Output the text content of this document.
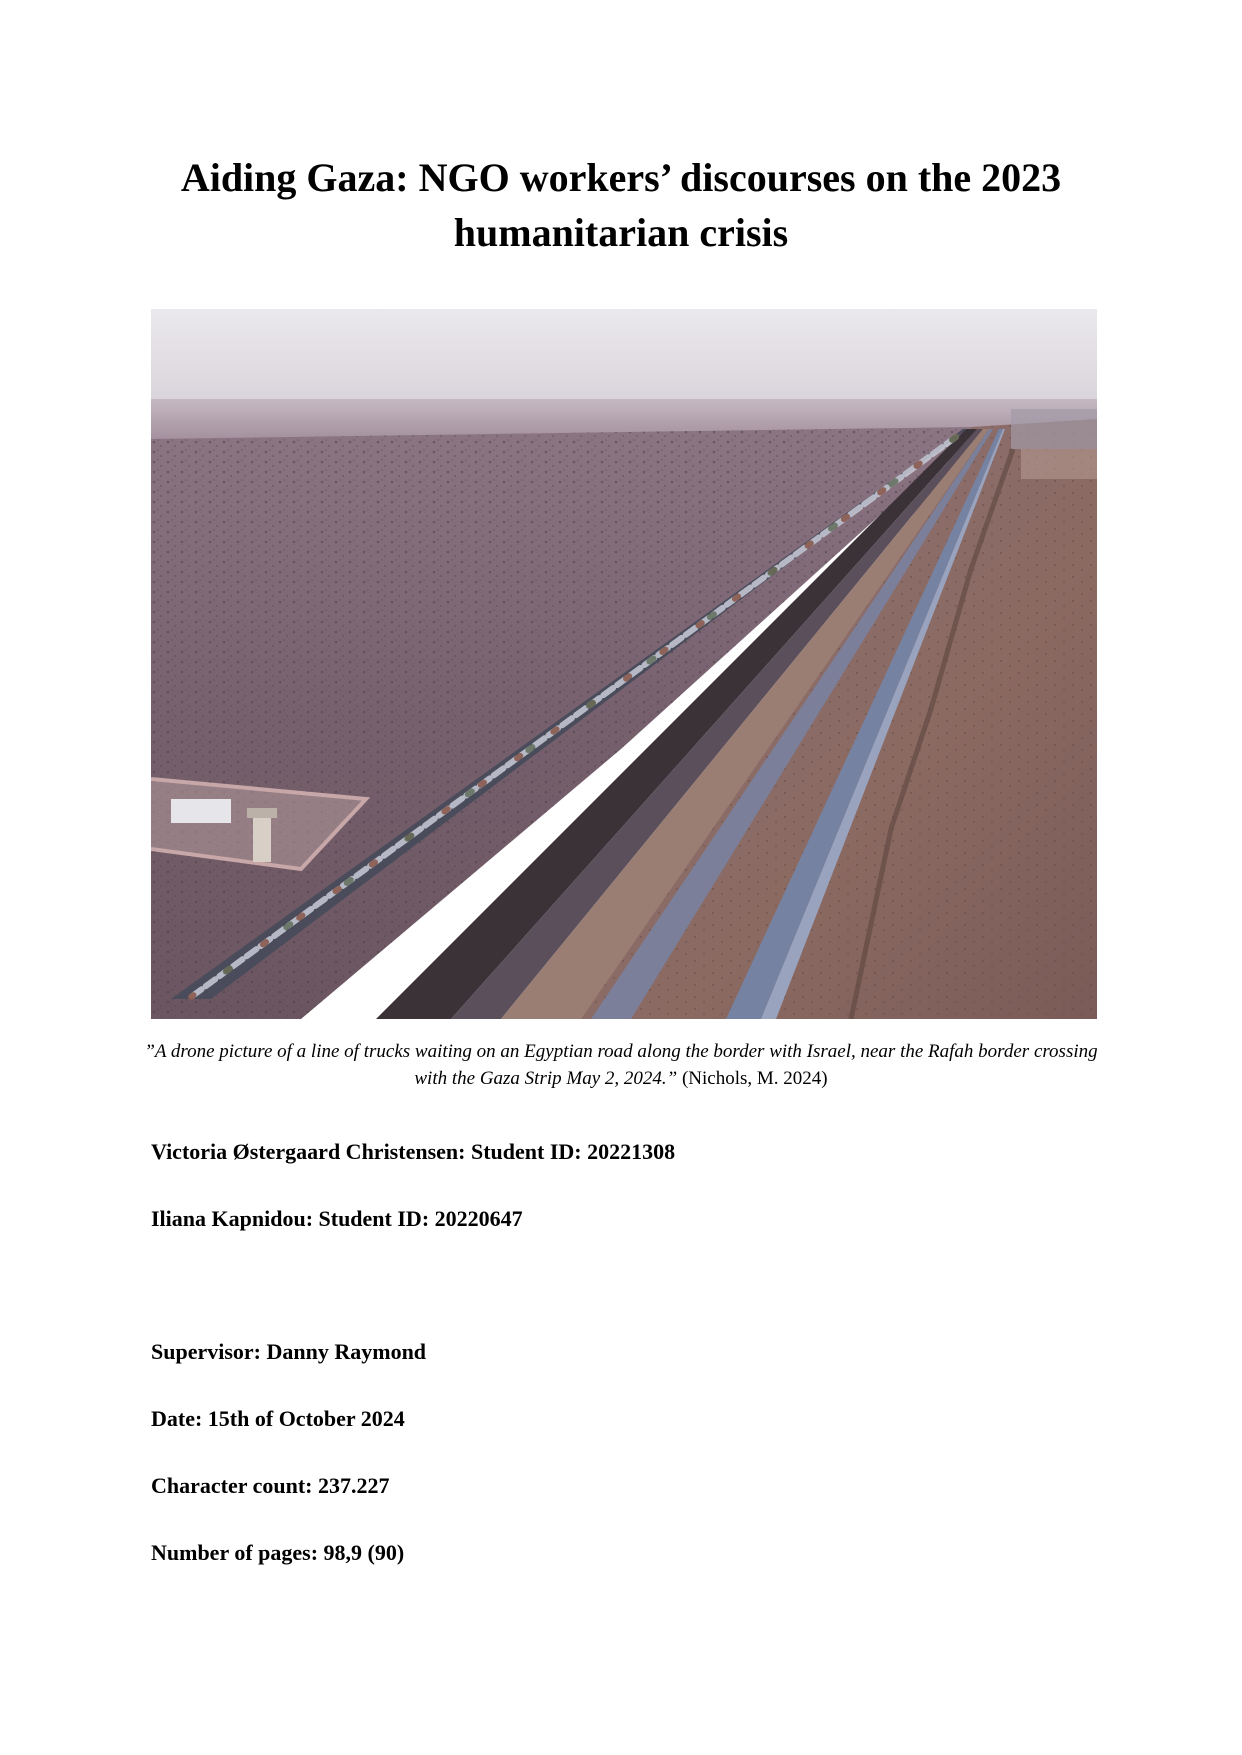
Aiding Gaza: NGO workers’ discourses on the 2023 humanitarian crisis

”A drone picture of a line of trucks waiting on an Egyptian road along the border with Israel, near the Rafah border crossing with the Gaza Strip May 2, 2024.” (Nichols, M. 2024)

Victoria Østergaard Christensen: Student ID: 20221308

Iliana Kapnidou: Student ID: 20220647

Supervisor: Danny Raymond

Date: 15th of October 2024

Character count: 237.227

Number of pages: 98,9 (90)
